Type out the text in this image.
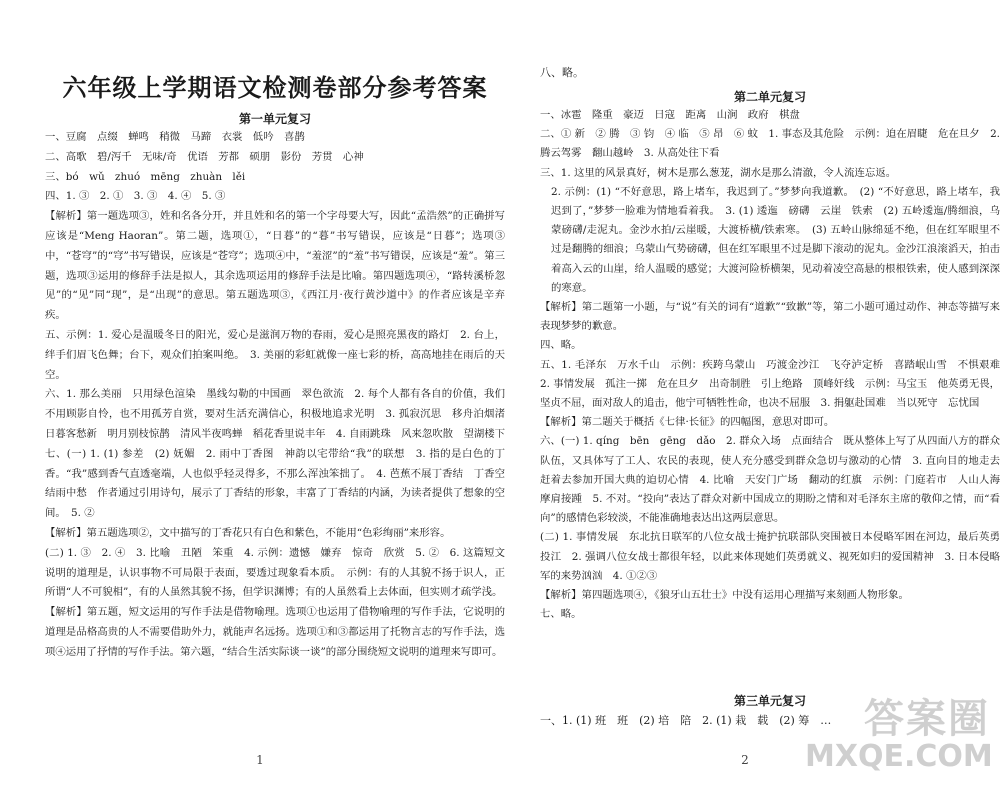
六年级上学期语文检测卷部分参考答案
第一单元复习

一、豆腐　点缀　蝉鸣　稍微　马蹄　衣裳　低吟　喜鹊

二、高歌　碧/泻千　无味/奇　优语　芳都　硕朋　影份　芳贯　心神

三、bó　wǔ　zhuó　mēng　zhuàn　lěi

四、1. ③　2. ①　3. ③　4. ④　5. ③

【解析】第一题选项③，姓和名各分开，并且姓和名的第一个字母要大写，因此“孟浩然”的正确拼写应该是“Meng Haoran”。第二题，选项①，“日暮”的“暮”书写错误，应该是“日暮”；选项③中，“苍穹”的“穹”书写错误，应该是“苍穹”；选项④中，“羞涩”的“羞”书写错误，应该是“羞”。第三题，选项③运用的修辞手法是拟人，其余选项运用的修辞手法是比喻。第四题选项④，“路转溪桥忽见”的“见”同“现”，是“出现”的意思。第五题选项③，《西江月·夜行黄沙道中》的作者应该是辛弃疾。

五、示例：1. 爱心是温暖冬日的阳光，爱心是滋润万物的春雨，爱心是照亮黑夜的路灯　2. 台上，绊手们眉飞色舞；台下，观众们拍案叫绝。　3. 美丽的彩虹就像一座七彩的桥，高高地挂在雨后的天空。

六、1. 那么美丽　只用绿色渲染　墨线勾勒的中国画　翠色欲流　2. 每个人都有各自的价值，我们不用顾影自怜，也不用孤芳自赏，要对生活充满信心，积极地追求光明　3. 孤寂沉思　移舟泊烟渚　日暮客愁新　明月别枝惊鹊　清风半夜鸣蝉　稻花香里说丰年　4. 自雨跳珠　风来忽吹散　望湖楼下

七、(一) 1. (1) 参差　(2) 妩媚　2. 雨中丁香图　神韵以宅带给“我”的联想　3. 指的是白色的丁香。“我”感到香气直透毫端，人也似乎轻灵得多，不那么浑浊笨拙了。　4. 芭蕉不展丁香结　丁香空结雨中愁　作者通过引用诗句，展示了丁香结的形象，丰富了丁香结的内涵，为读者提供了想象的空间。　5. ②

【解析】第五题选项②，文中描写的丁香花只有白色和紫色，不能用“色彩绚丽”来形容。

(二) 1. ③　2. ④　3. 比喻　丑陋　笨重　4. 示例：遗憾　嫌弃　惊奇　欣赏　5. ②　6. 这篇短文说明的道理是，认识事物不可局限于表面，要透过现象看本质。　示例：有的人其貌不扬于识人，正所谓“人不可貌相”，有的人虽然其貌不扬，但学识渊博；有的人虽然看上去体面，但实则才疏学浅。

【解析】第五题，短文运用的写作手法是借物喻理。选项①也运用了借物喻理的写作手法，它说明的道理是品格高贵的人不需要借助外力，就能声名远扬。选项①和③都运用了托物言志的写作手法，选项④运用了抒情的写作手法。第六题，“结合生活实际谈一谈”的部分围绕短文说明的道理来写即可。

1

八、略。

第二单元复习

一、冰雹　隆重　豪迈　日寇　距离　山涧　政府　棋盘

二、① 新　② 腾　③ 钧　④ 临　⑤ 昂　⑥ 蚊　1. 事态及其危险　示例：迫在眉睫　危在旦夕　2. 腾云驾雾　翻山越岭　3. 从高处往下看

三、1. 这里的风景真好，树木是那么葱茏，湖水是那么清澈，令人流连忘返。

2. 示例：(1) “不好意思，路上堵车，我迟到了。”梦梦向我道歉。　(2) “不好意思，路上堵车，我迟到了，”梦梦一脸难为情地看着我。　3. (1) 逶迤　磅礴　云崖　铁索　(2) 五岭逶迤/腾细浪，乌蒙磅礴/走泥丸。金沙水拍/云崖暖，大渡桥横/铁索寒。　(3) 五岭山脉绵延不绝，但在红军眼里不过是翻腾的细浪；乌蒙山气势磅礴，但在红军眼里不过是脚下滚动的泥丸。金沙江浪滚滔天，拍击着高入云的山崖，给人温暖的感觉；大渡河险桥横架，见动着凌空高悬的根根铁索，使人感到深深的寒意。

【解析】第二题第一小题，与“说”有关的词有“道歉”“致歉”等，第二小题可通过动作、神态等描写来表现梦梦的歉意。

四、略。

五、1. 毛泽东　万水千山　示例：疾跨乌蒙山　巧渡金沙江　飞夺泸定桥　喜踏岷山雪　不惧艰难　2. 事情发展　孤注一掷　危在旦夕　出奇制胜　引上绝路　顶峰奸线　示例：马宝玉　他英勇无畏，坚贞不屈，面对敌人的追击，他宁可牺牲性命，也决不屈服　3. 捐躯赴国难　当以死守　忘忧国

【解析】第二题关于概括《七律·长征》的四幅图，意思对即可。

六、(一) 1. qíng　bēn　gēng　dǎo　2. 群众入场　点面结合　既从整体上写了从四面八方的群众队伍，又具体写了工人、农民的表现，使人充分感受到群众急切与激动的心情　3. 直向目的地走去　赶着去参加开国大典的迫切心情　4. 比喻　天安门广场　翻动的红旗　示例：门庭若市　人山人海　摩肩接踵　5. 不对。“投向”表达了群众对新中国成立的期盼之情和对毛泽东主席的敬仰之情，而“看向”的感情色彩较淡，不能准确地表达出这两层意思。

(二) 1. 事情发展　东北抗日联军的八位女战士掩护抗联部队突围被日本侵略军困在河边，最后英勇投江　2. 强调八位女战士都很年轻，以此来体现她们英勇就义、视死如归的爱国精神　3. 日本侵略军的来势汹汹　4. ①②③

【解析】第四题选项④，《狼牙山五壮士》中没有运用心理描写来刻画人物形象。

七、略。

第三单元复习

一、1. (1) 班　班　(2) 培　陪　2. (1) 栽　载　(2) 筹　…

2
答案圈
MXQE.COM
